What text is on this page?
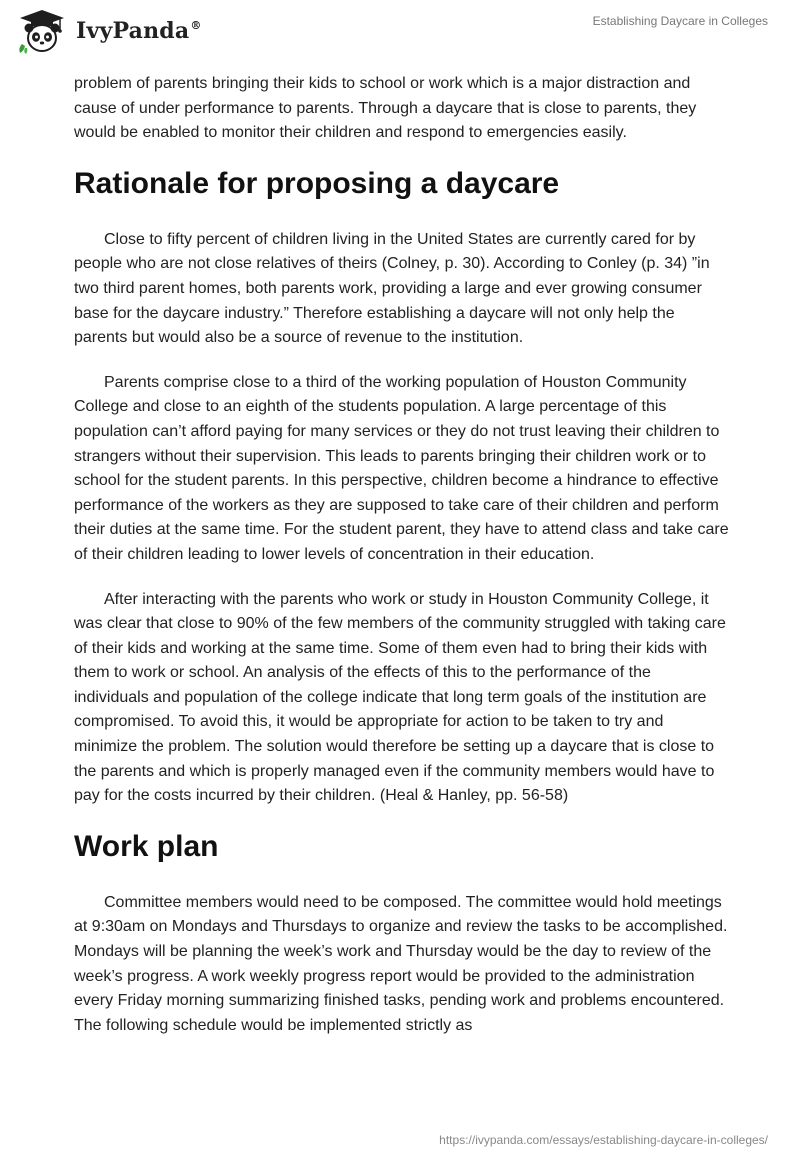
IvyPanda®	Establishing Daycare in Colleges

problem of parents bringing their kids to school or work which is a major distraction and cause of under performance to parents. Through a daycare that is close to parents, they would be enabled to monitor their children and respond to emergencies easily.

Rationale for proposing a daycare

Close to fifty percent of children living in the United States are currently cared for by people who are not close relatives of theirs (Colney, p. 30). According to Conley (p. 34) ”in two third parent homes, both parents work, providing a large and ever growing consumer base for the daycare industry.” Therefore establishing a daycare will not only help the parents but would also be a source of revenue to the institution.

Parents comprise close to a third of the working population of Houston Community College and close to an eighth of the students population. A large percentage of this population can’t afford paying for many services or they do not trust leaving their children to strangers without their supervision. This leads to parents bringing their children work or to school for the student parents. In this perspective, children become a hindrance to effective performance of the workers as they are supposed to take care of their children and perform their duties at the same time. For the student parent, they have to attend class and take care of their children leading to lower levels of concentration in their education.

After interacting with the parents who work or study in Houston Community College, it was clear that close to 90% of the few members of the community struggled with taking care of their kids and working at the same time. Some of them even had to bring their kids with them to work or school. An analysis of the effects of this to the performance of the individuals and population of the college indicate that long term goals of the institution are compromised. To avoid this, it would be appropriate for action to be taken to try and minimize the problem. The solution would therefore be setting up a daycare that is close to the parents and which is properly managed even if the community members would have to pay for the costs incurred by their children. (Heal & Hanley, pp. 56-58)

Work plan

Committee members would need to be composed. The committee would hold meetings at 9:30am on Mondays and Thursdays to organize and review the tasks to be accomplished. Mondays will be planning the week’s work and Thursday would be the day to review of the week’s progress. A work weekly progress report would be provided to the administration every Friday morning summarizing finished tasks, pending work and problems encountered. The following schedule would be implemented strictly as

https://ivypanda.com/essays/establishing-daycare-in-colleges/
